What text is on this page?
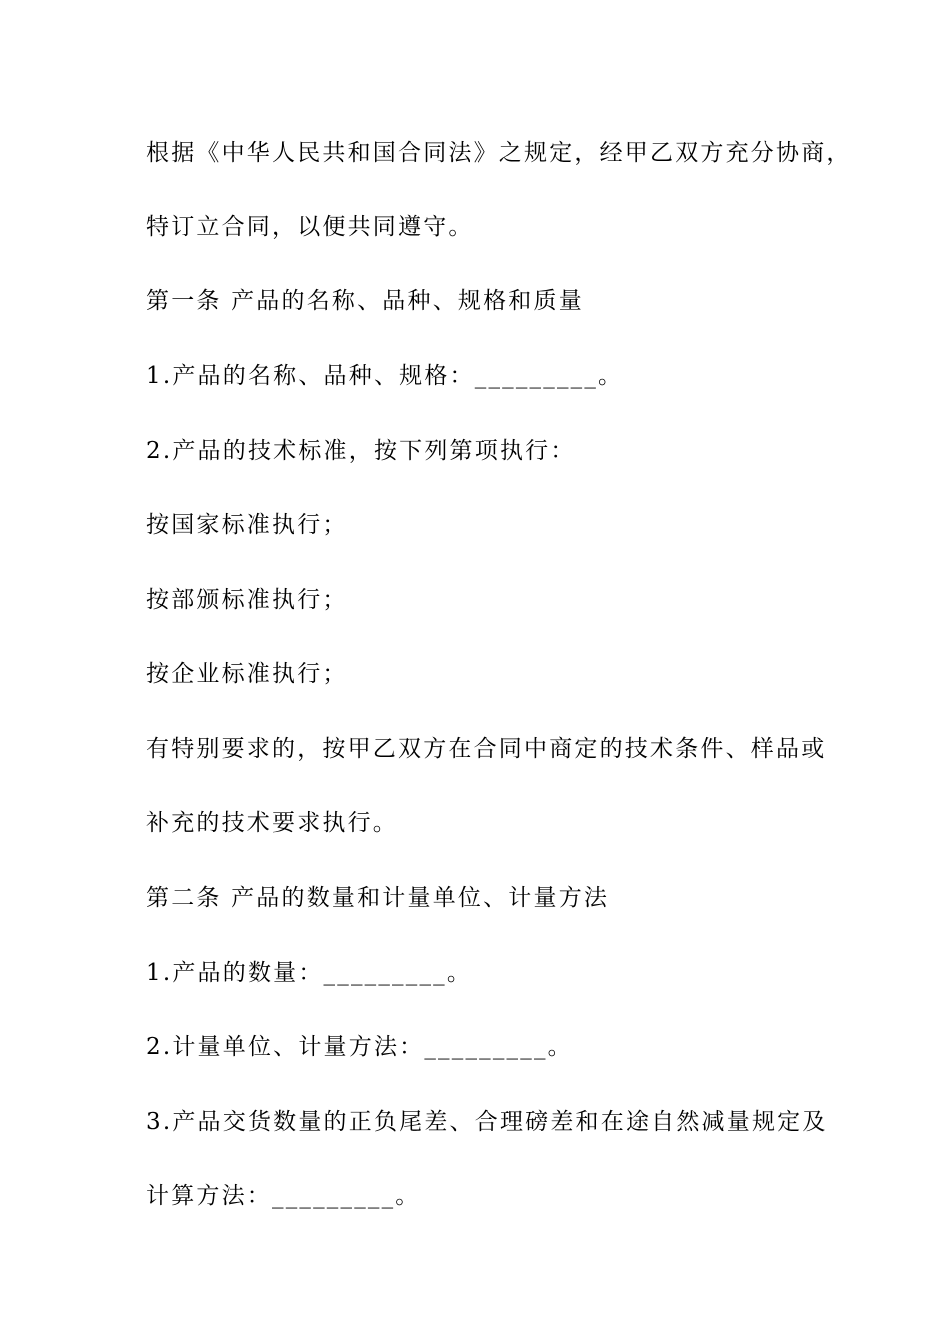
根据《中华人民共和国合同法》之规定，经甲乙双方充分协商，
特订立合同，以便共同遵守。
第一条 产品的名称、品种、规格和质量
1.产品的名称、品种、规格：_________。
2.产品的技术标准，按下列第项执行：
按国家标准执行；
按部颁标准执行；
按企业标准执行；
有特别要求的，按甲乙双方在合同中商定的技术条件、样品或
补充的技术要求执行。
第二条 产品的数量和计量单位、计量方法
1.产品的数量：_________。
2.计量单位、计量方法：_________。
3.产品交货数量的正负尾差、合理磅差和在途自然减量规定及
计算方法：_________。
